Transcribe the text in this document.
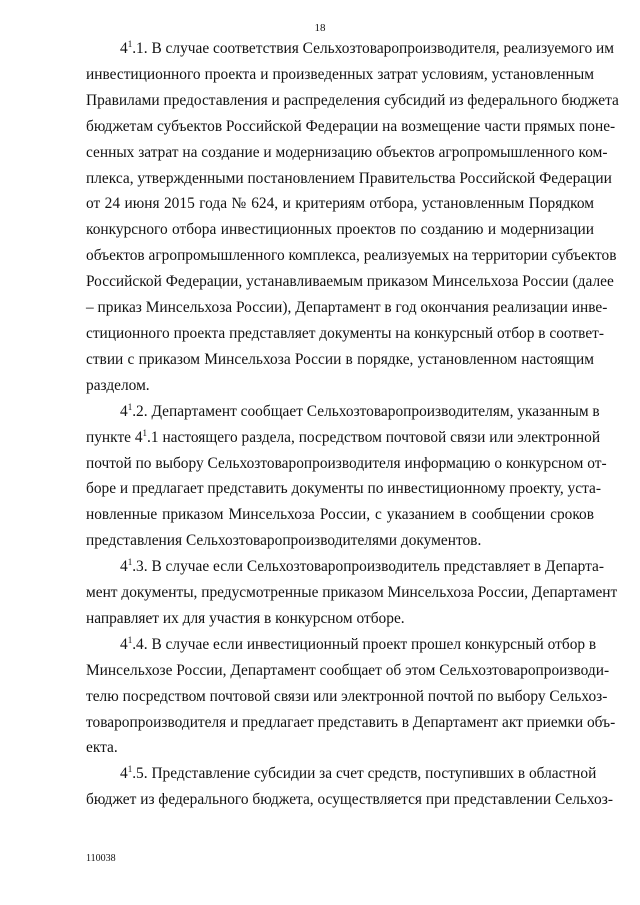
18

$4^1.1$. В случае соответствия Сельхозтоваропроизводителя, реализуемого им
инвестиционного проекта и произведенных затрат условиям, установленным
Правилами предоставления и распределения субсидий из федерального бюджета
бюджетам субъектов Российской Федерации на возмещение части прямых поне-
сенных затрат на создание и модернизацию объектов агропромышленного ком-
плекса, утвержденными постановлением Правительства Российской Федерации
от 24 июня 2015 года № 624, и критериям отбора, установленным Порядком
конкурсного отбора инвестиционных проектов по созданию и модернизации
объектов агропромышленного комплекса, реализуемых на территории субъектов
Российской Федерации, устанавливаемым приказом Минсельхоза России (далее
– приказ Минсельхоза России), Департамент в год окончания реализации инве-
стиционного проекта представляет документы на конкурсный отбор в соответ-
ствии с приказом Минсельхоза России в порядке, установленном настоящим
разделом.

$4^1.2$. Департамент сообщает Сельхозтоваропроизводителям, указанным в
пункте $4^1.1$ настоящего раздела, посредством почтовой связи или электронной
почтой по выбору Сельхозтоваропроизводителя информацию о конкурсном от-
боре и предлагает представить документы по инвестиционному проекту, уста-
новленные приказом Минсельхоза России, с указанием в сообщении сроков
представления Сельхозтоваропроизводителями документов.

$4^1.3$. В случае если Сельхозтоваропроизводитель представляет в Департа-
мент документы, предусмотренные приказом Минсельхоза России, Департамент
направляет их для участия в конкурсном отборе.

$4^1.4$. В случае если инвестиционный проект прошел конкурсный отбор в
Минсельхозе России, Департамент сообщает об этом Сельхозтоваропроизводи-
телю посредством почтовой связи или электронной почтой по выбору Сельхоз-
товаропроизводителя и предлагает представить в Департамент акт приемки объ-
екта.

$4^1.5$. Представление субсидии за счет средств, поступивших в областной
бюджет из федерального бюджета, осуществляется при представлении Сельхоз-

110038
